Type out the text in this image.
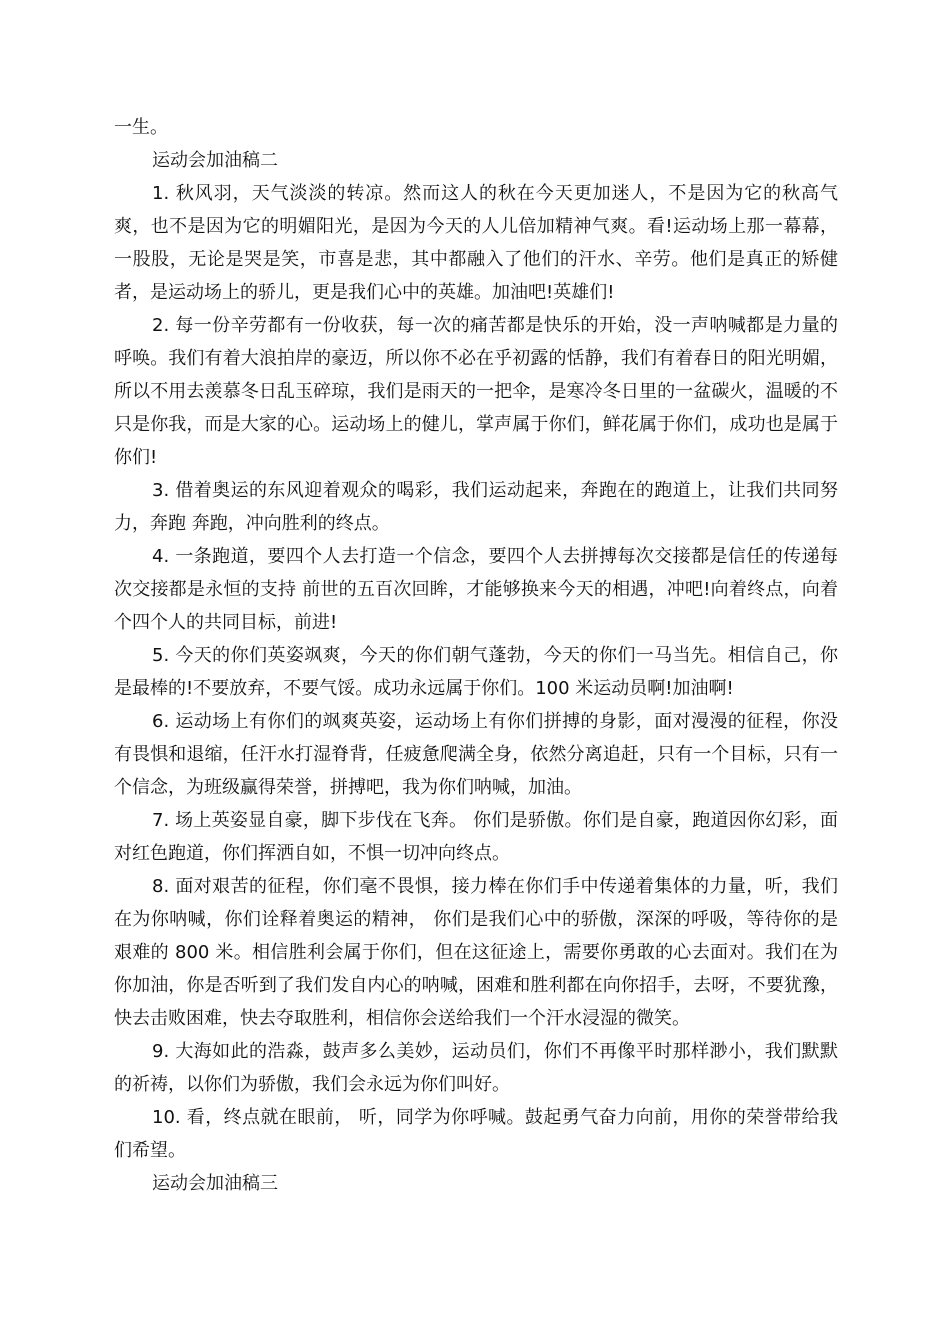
一生。

运动会加油稿二

1. 秋风羽，天气淡淡的转凉。然而这人的秋在今天更加迷人，不是因为它的秋高气爽，也不是因为它的明媚阳光，是因为今天的人儿倍加精神气爽。看!运动场上那一幕幕，一股股，无论是哭是笑，市喜是悲，其中都融入了他们的汗水、辛劳。他们是真正的矫健者，是运动场上的骄儿，更是我们心中的英雄。加油吧!英雄们!

2. 每一份辛劳都有一份收获，每一次的痛苦都是快乐的开始，没一声呐喊都是力量的呼唤。我们有着大浪拍岸的豪迈，所以你不必在乎初露的恬静，我们有着春日的阳光明媚，所以不用去羡慕冬日乱玉碎琼，我们是雨天的一把伞，是寒冷冬日里的一盆碳火，温暖的不只是你我，而是大家的心。运动场上的健儿，掌声属于你们，鲜花属于你们，成功也是属于你们!

3. 借着奥运的东风迎着观众的喝彩，我们运动起来，奔跑在的跑道上，让我们共同努力，奔跑 奔跑，冲向胜利的终点。

4. 一条跑道，要四个人去打造一个信念，要四个人去拼搏每次交接都是信任的传递每次交接都是永恒的支持 前世的五百次回眸，才能够换来今天的相遇，冲吧!向着终点，向着个四个人的共同目标，前进!

5. 今天的你们英姿飒爽，今天的你们朝气蓬勃，今天的你们一马当先。相信自己，你是最棒的!不要放弃，不要气馁。成功永远属于你们。100 米运动员啊!加油啊!

6. 运动场上有你们的飒爽英姿，运动场上有你们拼搏的身影，面对漫漫的征程，你没有畏惧和退缩，任汗水打湿脊背，任疲惫爬满全身，依然分离追赶，只有一个目标，只有一个信念，为班级赢得荣誉，拼搏吧，我为你们呐喊，加油。

7. 场上英姿显自豪，脚下步伐在飞奔。 你们是骄傲。你们是自豪，跑道因你幻彩，面对红色跑道，你们挥洒自如，不惧一切冲向终点。

8. 面对艰苦的征程，你们毫不畏惧，接力棒在你们手中传递着集体的力量，听，我们在为你呐喊，你们诠释着奥运的精神， 你们是我们心中的骄傲，深深的呼吸，等待你的是艰难的 800 米。相信胜利会属于你们，但在这征途上，需要你勇敢的心去面对。我们在为你加油，你是否听到了我们发自内心的呐喊，困难和胜利都在向你招手，去呀，不要犹豫，快去击败困难，快去夺取胜利，相信你会送给我们一个汗水浸湿的微笑。

9. 大海如此的浩淼，鼓声多么美妙，运动员们，你们不再像平时那样渺小，我们默默的祈祷，以你们为骄傲，我们会永远为你们叫好。

10. 看，终点就在眼前， 听，同学为你呼喊。鼓起勇气奋力向前，用你的荣誉带给我们希望。

运动会加油稿三
